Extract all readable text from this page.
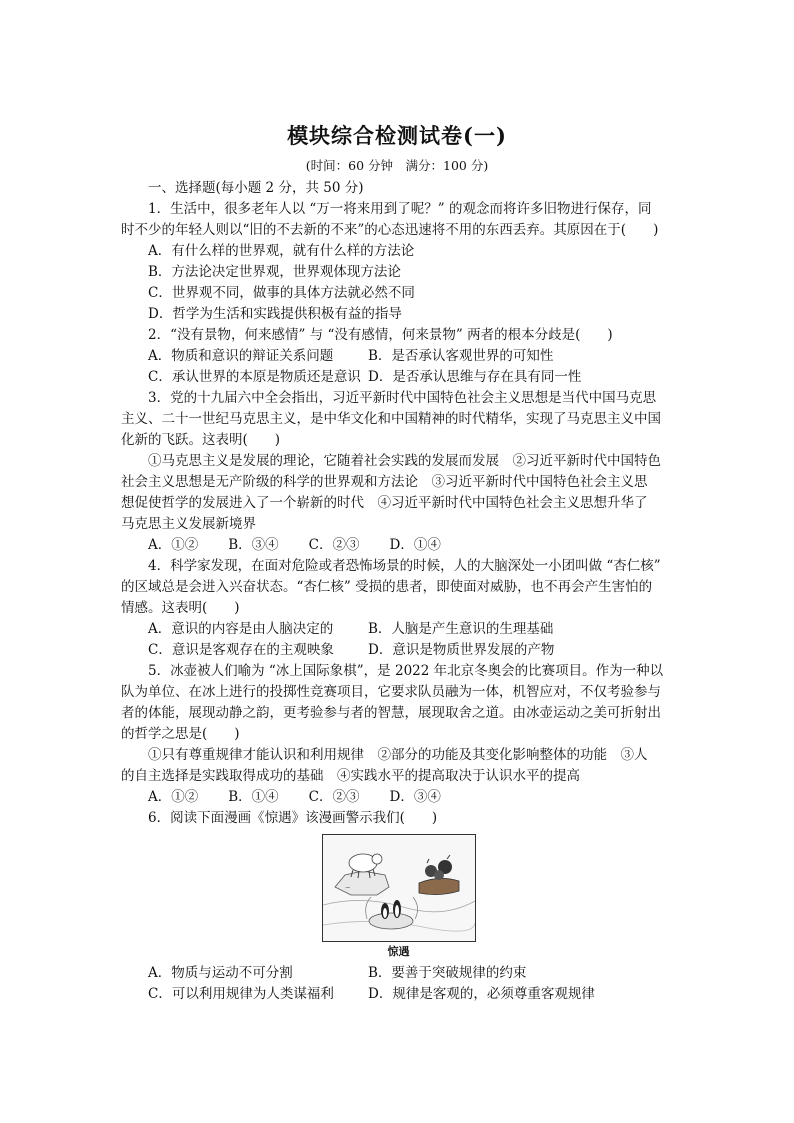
模块综合检测试卷(一)
(时间：60 分钟　满分：100 分)

一、选择题(每小题 2 分，共 50 分)

1．生活中，很多老年人以 “万一将来用到了呢？” 的观念而将许多旧物进行保存，同

时不少的年轻人则以“旧的不去新的不来”的心态迅速将不用的东西丢弃。其原因在于(　　)

A．有什么样的世界观，就有什么样的方法论

B．方法论决定世界观，世界观体现方法论

C．世界观不同，做事的具体方法就必然不同

D．哲学为生活和实践提供积极有益的指导

2．“没有景物，何来感情” 与 “没有感情，何来景物” 两者的根本分歧是(　　)

A．物质和意识的辩证关系问题	B．是否承认客观世界的可知性
C．承认世界的本原是物质还是意识 D．是否承认思维与存在具有同一性

3．党的十九届六中全会指出，习近平新时代中国特色社会主义思想是当代中国马克思

主义、二十一世纪马克思主义，是中华文化和中国精神的时代精华，实现了马克思主义中国

化新的飞跃。这表明(　　)

①马克思主义是发展的理论，它随着社会实践的发展而发展　②习近平新时代中国特色

社会主义思想是无产阶级的科学的世界观和方法论　③习近平新时代中国特色社会主义思

想促使哲学的发展进入了一个崭新的时代　④习近平新时代中国特色社会主义思想升华了

马克思主义发展新境界

A．①② B．③④ C．②③ D．①④

4．科学家发现，在面对危险或者恐怖场景的时候，人的大脑深处一小团叫做 “杏仁核”

的区域总是会进入兴奋状态。“杏仁核” 受损的患者，即使面对威胁，也不再会产生害怕的

情感。这表明(　　)

A．意识的内容是由人脑决定的	B．人脑是产生意识的生理基础
C．意识是客观存在的主观映象	D．意识是物质世界发展的产物

5．冰壶被人们喻为 “冰上国际象棋”，是 2022 年北京冬奥会的比赛项目。作为一种以

队为单位、在冰上进行的投掷性竞赛项目，它要求队员融为一体，机智应对，不仅考验参与

者的体能，展现动静之韵，更考验参与者的智慧，展现取舍之道。由冰壶运动之美可折射出

的哲学之思是(　　)

①只有尊重规律才能认识和利用规律　②部分的功能及其变化影响整体的功能　③人

的自主选择是实践取得成功的基础　④实践水平的提高取决于认识水平的提高

A．①② B．①④ C．②③ D．③④

6．阅读下面漫画《惊遇》该漫画警示我们(　　)

~
惊遇
A．物质与运动不可分割	B．要善于突破规律的约束
C．可以利用规律为人类谋福利	D．规律是客观的，必须尊重客观规律
